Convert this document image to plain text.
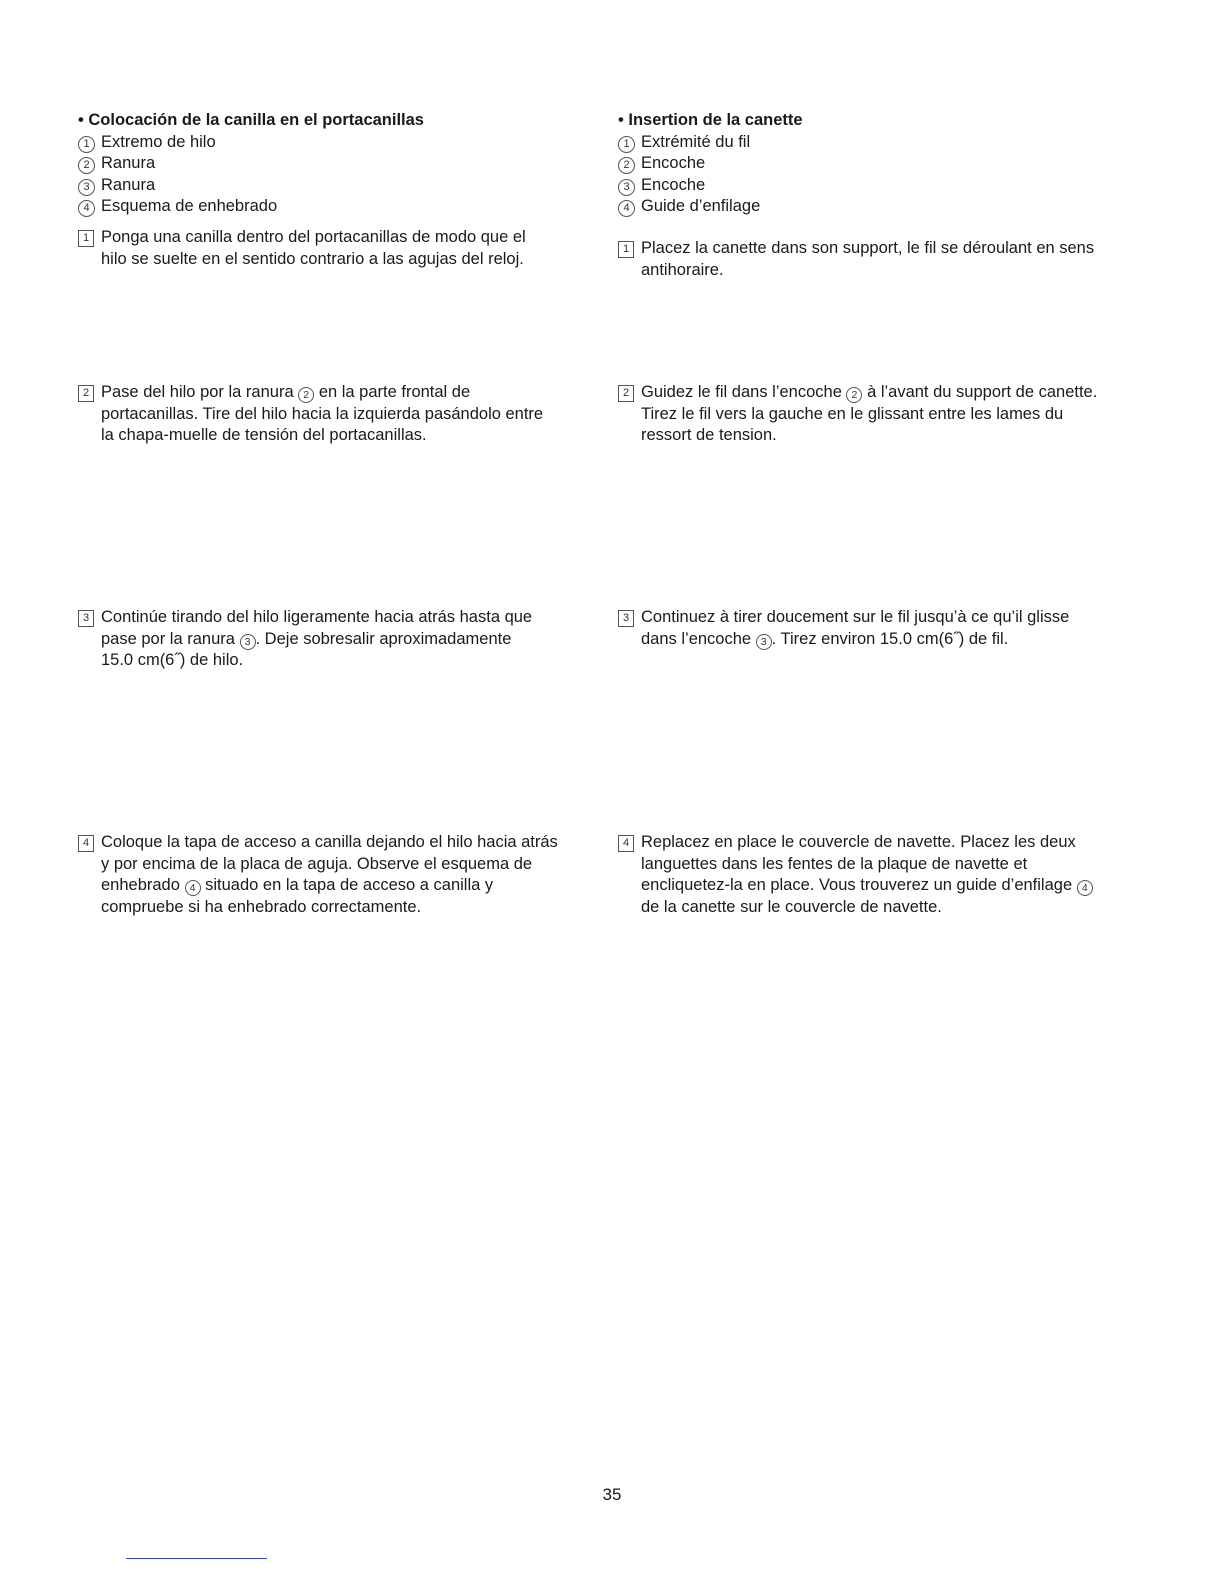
• Colocación de la canilla en el portacanillas

1 Extremo de hilo
2 Ranura
3 Ranura
4 Esquema de enhebrado

• Insertion de la canette

1 Extrémité du fil
2 Encoche
3 Encoche
4 Guide d’enfilage
1 Ponga una canilla dentro del portacanillas de modo que el
hilo se suelte en el sentido contrario a las agujas del reloj.
1 Placez la canette dans son support, le fil se déroulant en sens
antihoraire.
2 Pase del hilo por la ranura 2 en la parte frontal de
portacanillas. Tire del hilo hacia la izquierda pasándolo entre
la chapa-muelle de tensión del portacanillas.
2 Guidez le fil dans l’encoche 2 à l’avant du support de canette.
Tirez le fil vers la gauche en le glissant entre les lames du
ressort de tension.
3 Continúe tirando del hilo ligeramente hacia atrás hasta que
pase por la ranura 3 . Deje sobresalir aproximadamente
15.0 cm(6˝) de hilo.
3 Continuez à tirer doucement sur le fil jusqu’à ce qu’il glisse
dans l’encoche 3 . Tirez environ 15.0 cm(6˝) de fil.
4 Coloque la tapa de acceso a canilla dejando el hilo hacia atrás
y por encima de la placa de aguja. Observe el esquema de
enhebrado 4 situado en la tapa de acceso a canilla y
compruebe si ha enhebrado correctamente.
4 Replacez en place le couvercle de navette. Placez les deux
languettes dans les fentes de la plaque de navette et
encliquetez-la en place. Vous trouverez un guide d’enfilage 4
de la canette sur le couvercle de navette.
35
